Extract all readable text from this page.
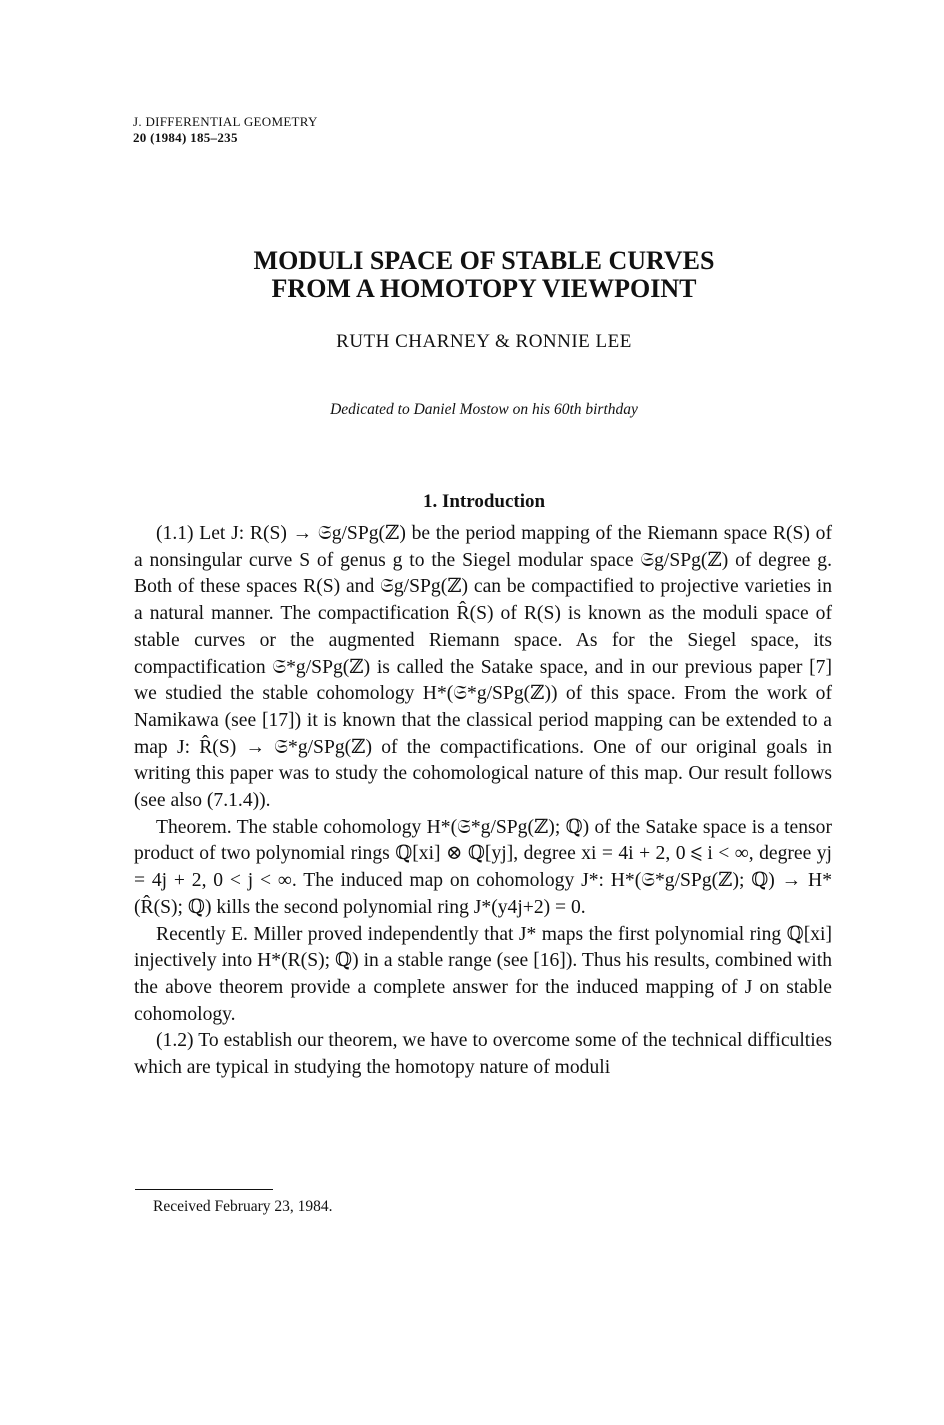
J. DIFFERENTIAL GEOMETRY
20 (1984) 185–235
MODULI SPACE OF STABLE CURVES
FROM A HOMOTOPY VIEWPOINT
RUTH CHARNEY & RONNIE LEE
Dedicated to Daniel Mostow on his 60th birthday
1. Introduction

(1.1) Let J: R(S) → 𝔖g/SPg(ℤ) be the period mapping of the Riemann space R(S) of a nonsingular curve S of genus g to the Siegel modular space 𝔖g/SPg(ℤ) of degree g. Both of these spaces R(S) and 𝔖g/SPg(ℤ) can be compactified to projective varieties in a natural manner. The compactification R̂(S) of R(S) is known as the moduli space of stable curves or the augmented Riemann space. As for the Siegel space, its compactification 𝔖*g/SPg(ℤ) is called the Satake space, and in our previous paper [7] we studied the stable cohomology H*(𝔖*g/SPg(ℤ)) of this space. From the work of Namikawa (see [17]) it is known that the classical period mapping can be extended to a map J: R̂(S) → 𝔖*g/SPg(ℤ) of the compactifications. One of our original goals in writing this paper was to study the cohomological nature of this map. Our result follows (see also (7.1.4)).

Theorem. The stable cohomology H*(𝔖*g/SPg(ℤ); ℚ) of the Satake space is a tensor product of two polynomial rings ℚ[xi] ⊗ ℚ[yj], degree xi = 4i + 2, 0 ⩽ i < ∞, degree yj = 4j + 2, 0 < j < ∞. The induced map on cohomology J*: H*(𝔖*g/SPg(ℤ); ℚ) → H*(R̂(S); ℚ) kills the second polynomial ring J*(y4j+2) = 0.

Recently E. Miller proved independently that J* maps the first polynomial ring ℚ[xi] injectively into H*(R(S); ℚ) in a stable range (see [16]). Thus his results, combined with the above theorem provide a complete answer for the induced mapping of J on stable cohomology.

(1.2) To establish our theorem, we have to overcome some of the technical difficulties which are typical in studying the homotopy nature of moduli

Received February 23, 1984.
